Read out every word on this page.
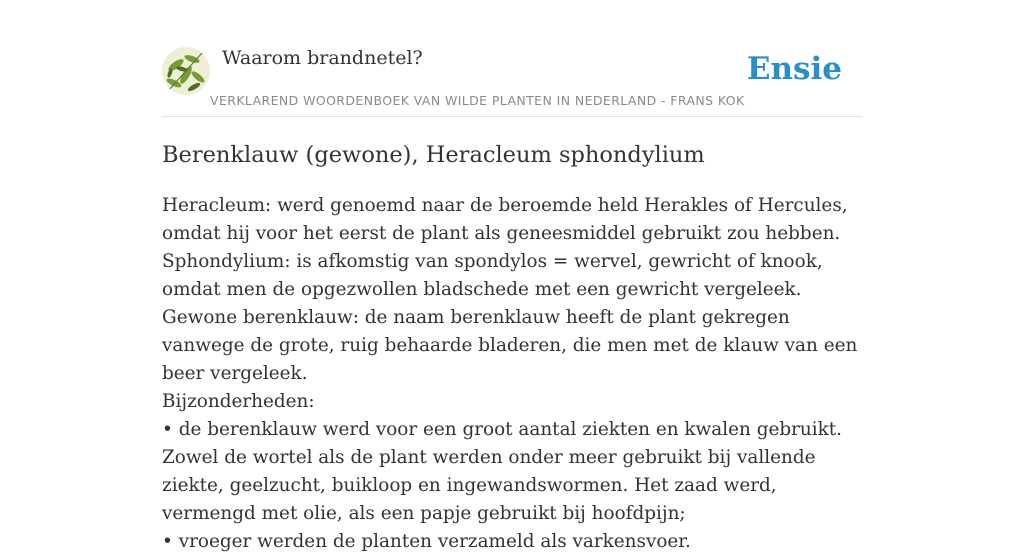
Waarom brandnetel?
VERKLAREND WOORDENBOEK VAN WILDE PLANTEN IN NEDERLAND - FRANS KOK
Ensie
Berenklauw (gewone), Heracleum sphondylium

Heracleum: werd genoemd naar de beroemde held Herakles of Hercules, omdat hij voor het eerst de plant als geneesmiddel gebruikt zou hebben.

Sphondylium: is afkomstig van spondylos = wervel, gewricht of knook, omdat men de opgezwollen bladschede met een gewricht vergeleek.

Gewone berenklauw: de naam berenklauw heeft de plant gekregen vanwege de grote, ruig behaarde bladeren, die men met de klauw van een beer vergeleek.

Bijzonderheden:

• de berenklauw werd voor een groot aantal ziekten en kwalen gebruikt. Zowel de wortel als de plant werden onder meer gebruikt bij vallende ziekte, geelzucht, buikloop en ingewandswormen. Het zaad werd, vermengd met olie, als een papje gebruikt bij hoofdpijn;

• vroeger werden de planten verzameld als varkensvoer.
